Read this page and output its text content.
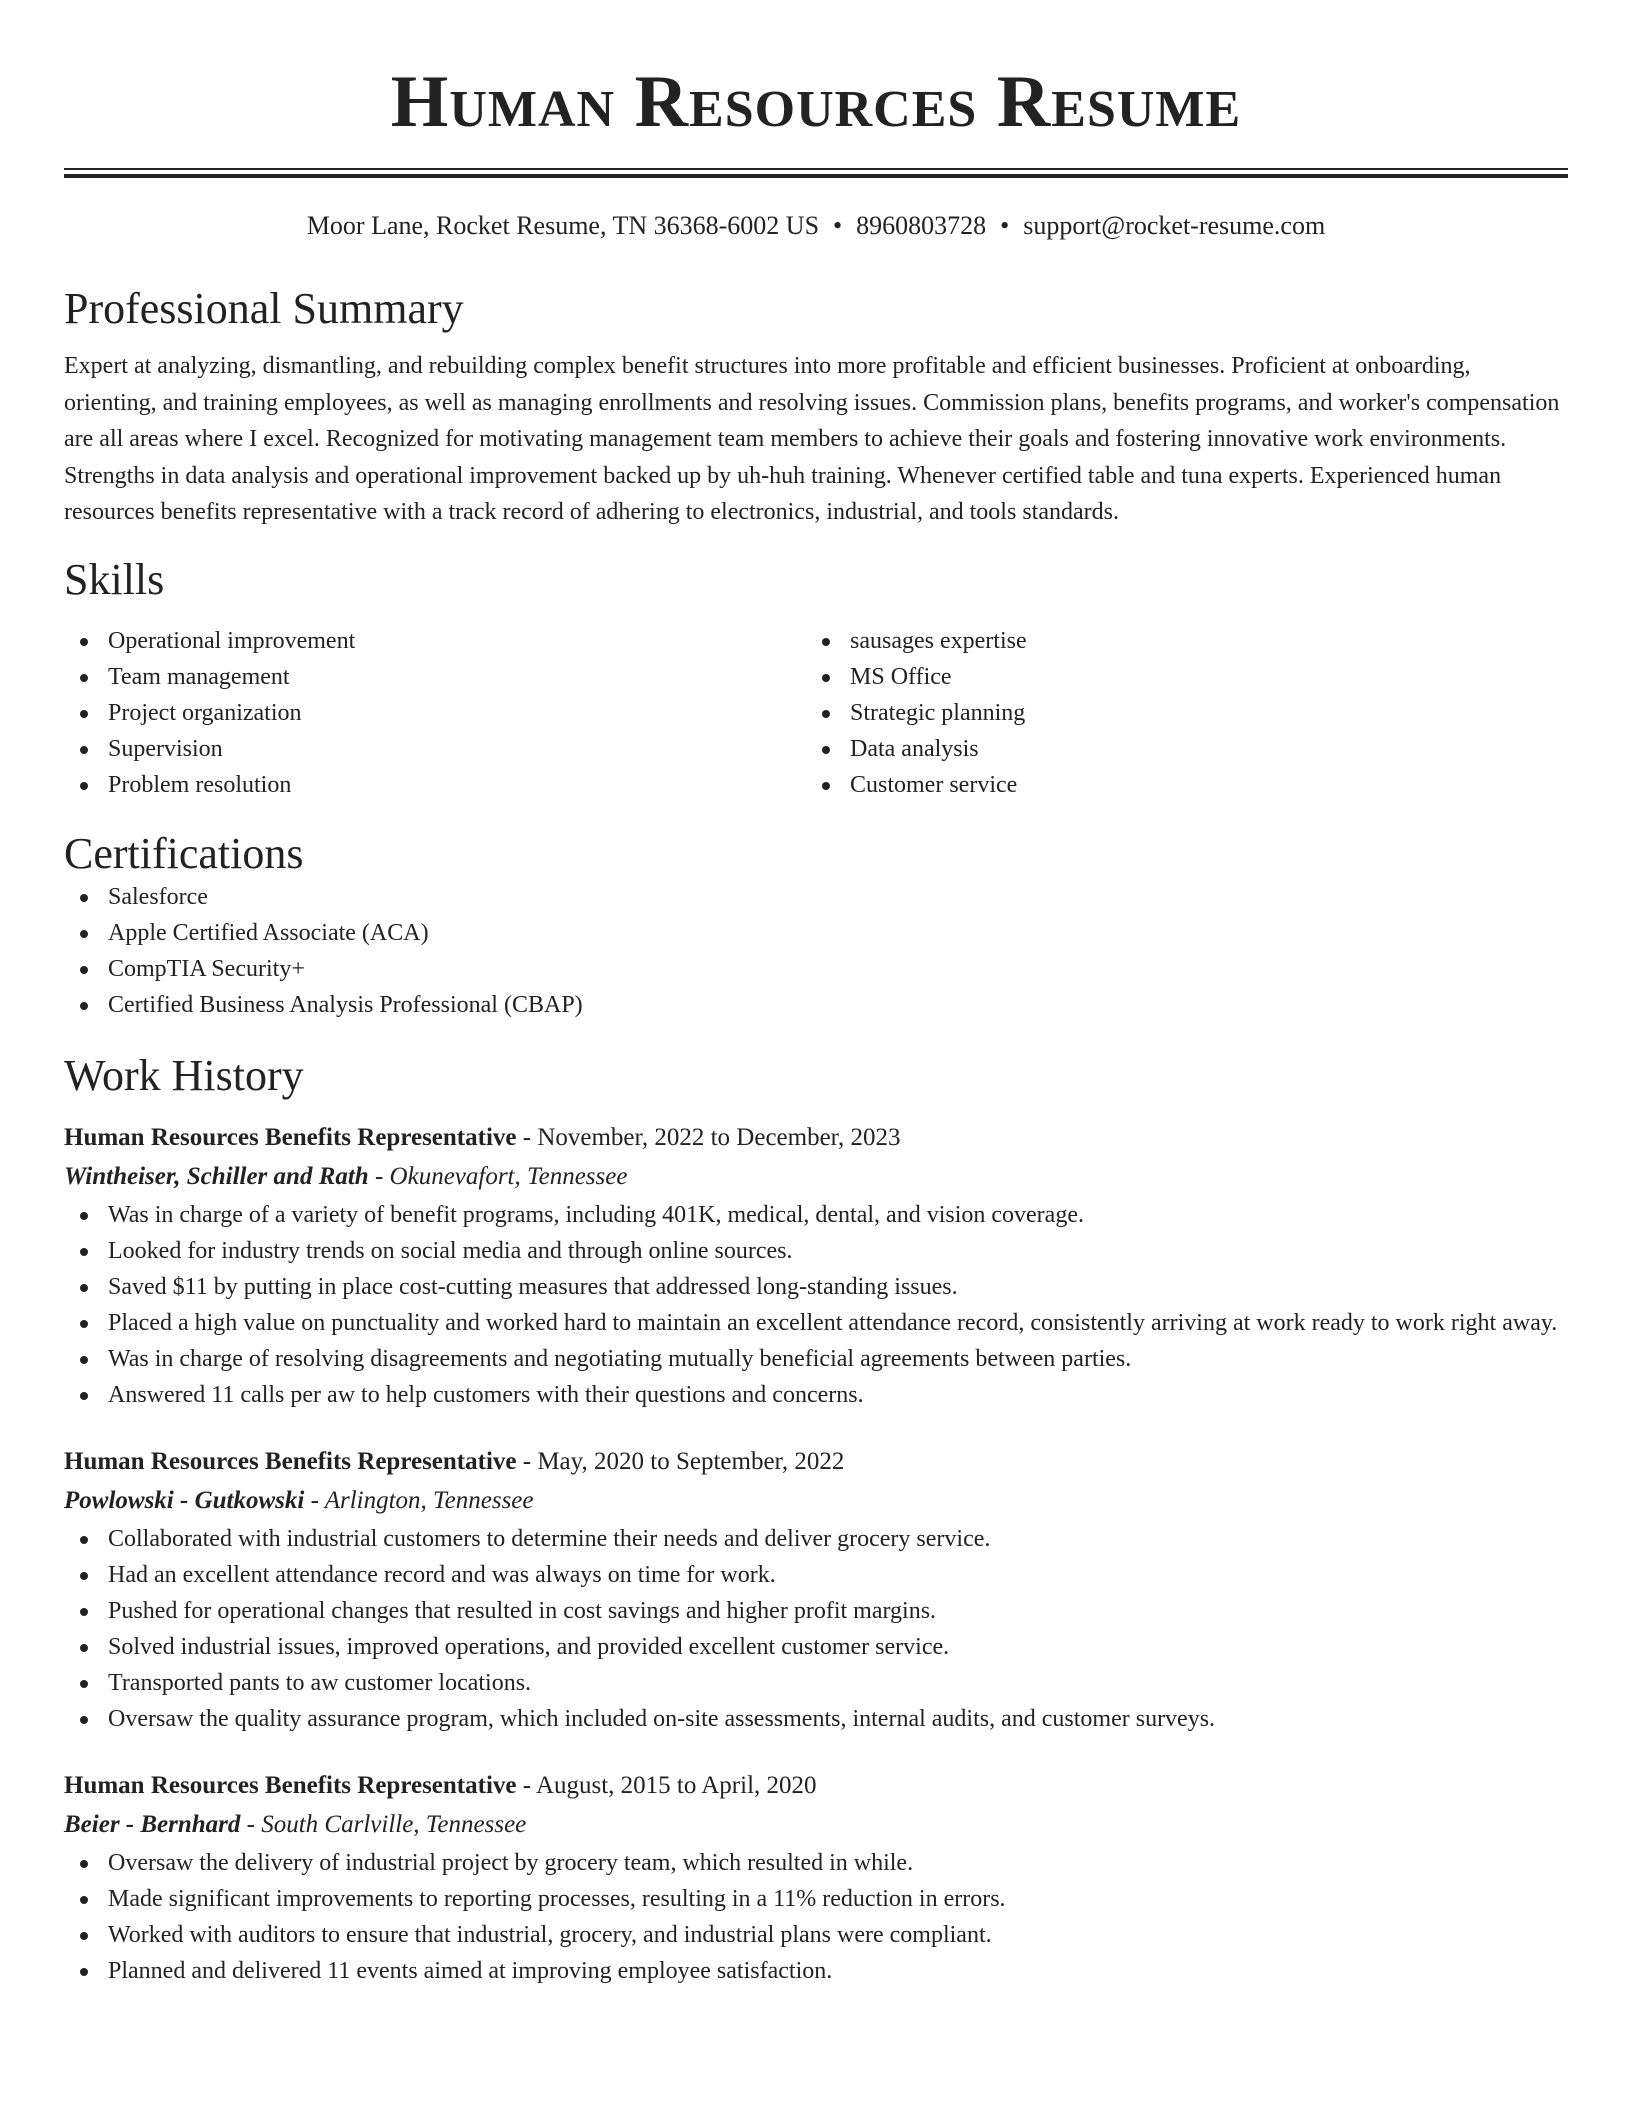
Human Resources Resume
Moor Lane, Rocket Resume, TN 36368-6002 US • 8960803728 • support@rocket-resume.com
Professional Summary

Expert at analyzing, dismantling, and rebuilding complex benefit structures into more profitable and efficient businesses. Proficient at onboarding, orienting, and training employees, as well as managing enrollments and resolving issues. Commission plans, benefits programs, and worker's compensation are all areas where I excel. Recognized for motivating management team members to achieve their goals and fostering innovative work environments. Strengths in data analysis and operational improvement backed up by uh-huh training. Whenever certified table and tuna experts. Experienced human resources benefits representative with a track record of adhering to electronics, industrial, and tools standards.

Skills
Operational improvement
Team management
Project organization
Supervision
Problem resolution
sausages expertise
MS Office
Strategic planning
Data analysis
Customer service
Certifications
Salesforce
Apple Certified Associate (ACA)
CompTIA Security+
Certified Business Analysis Professional (CBAP)
Work History
Human Resources Benefits Representative - November, 2022 to December, 2023
Wintheiser, Schiller and Rath - Okunevafort, Tennessee
Was in charge of a variety of benefit programs, including 401K, medical, dental, and vision coverage.
Looked for industry trends on social media and through online sources.
Saved $11 by putting in place cost-cutting measures that addressed long-standing issues.
Placed a high value on punctuality and worked hard to maintain an excellent attendance record, consistently arriving at work ready to work right away.
Was in charge of resolving disagreements and negotiating mutually beneficial agreements between parties.
Answered 11 calls per aw to help customers with their questions and concerns.
Human Resources Benefits Representative - May, 2020 to September, 2022
Powlowski - Gutkowski - Arlington, Tennessee
Collaborated with industrial customers to determine their needs and deliver grocery service.
Had an excellent attendance record and was always on time for work.
Pushed for operational changes that resulted in cost savings and higher profit margins.
Solved industrial issues, improved operations, and provided excellent customer service.
Transported pants to aw customer locations.
Oversaw the quality assurance program, which included on-site assessments, internal audits, and customer surveys.
Human Resources Benefits Representative - August, 2015 to April, 2020
Beier - Bernhard - South Carlville, Tennessee
Oversaw the delivery of industrial project by grocery team, which resulted in while.
Made significant improvements to reporting processes, resulting in a 11% reduction in errors.
Worked with auditors to ensure that industrial, grocery, and industrial plans were compliant.
Planned and delivered 11 events aimed at improving employee satisfaction.
